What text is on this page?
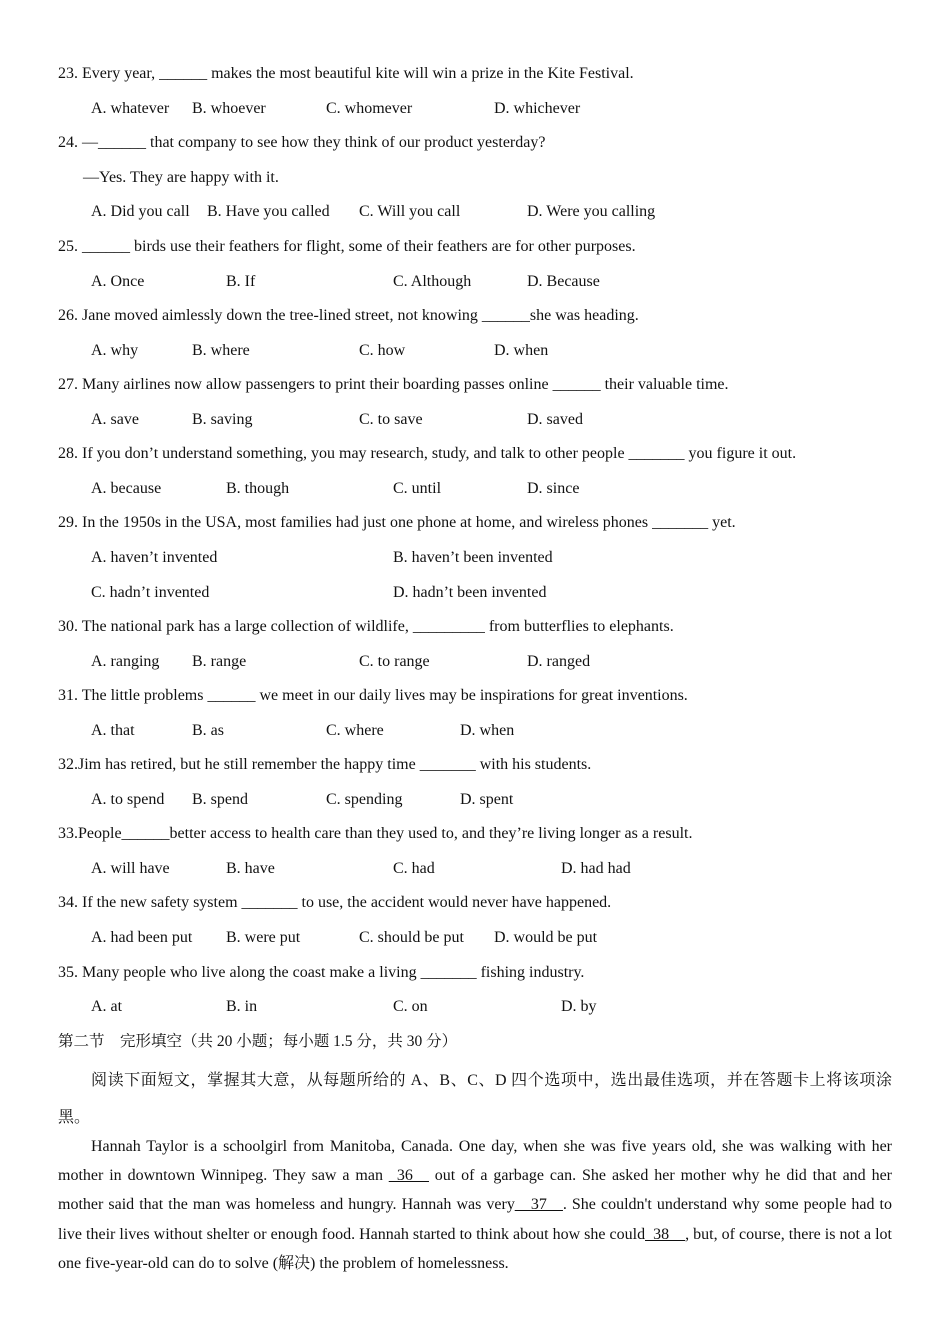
23. Every year, ______ makes the most beautiful kite will win a prize in the Kite Festival.
A. whatever B. whoever	C. whomever	D. whichever
24. —______ that company to see how they think of our product yesterday?
—Yes. They are happy with it.
A. Did you call B. Have you called C. Will you call	D. Were you calling
25. ______ birds use their feathers for flight, some of their feathers are for other purposes.
A. Once	B. If	C. Although	D. Because
26. Jane moved aimlessly down the tree-lined street, not knowing ______she was heading.
A. why	B. where	C. how	D. when
27. Many airlines now allow passengers to print their boarding passes online ______ their valuable time.
A. save	B. saving	C. to save	D. saved
28. If you don’t understand something, you may research, study, and talk to other people _______ you figure it out.
A. because	B. though	C. until	D. since
29. In the 1950s in the USA, most families had just one phone at home, and wireless phones _______ yet.
A. haven’t invented	B. haven’t been invented
C. hadn’t invented	D. hadn’t been invented
30. The national park has a large collection of wildlife, _________ from butterflies to elephants.
A. ranging B. range	C. to range	D. ranged
31. The little problems ______ we meet in our daily lives may be inspirations for great inventions.
A. that	B. as	C. where	D. when
32.Jim has retired, but he still remember the happy time _______ with his students.
A. to spend B. spend	C. spending	D. spent
33.People______better access to health care than they used to, and they’re living longer as a result.
A. will have	B. have	C. had	D. had had
34. If the new safety system _______ to use, the accident would never have happened.
A. had been put B. were put	C. should be put D. would be put
35. Many people who live along the coast make a living _______ fishing industry.
A. at	B. in	C. on	D. by
第二节　完形填空（共 20 小题；每小题 1.5 分，共 30 分）
阅读下面短文，掌握其大意，从每题所给的 A、B、C、D 四个选项中，选出最佳选项，并在答题卡上将该项涂黑。
Hannah Taylor is a schoolgirl from Manitoba, Canada. One day, when she was five years old, she was walking with her mother in downtown Winnipeg. They saw a man _36__ out of a garbage can. She asked her mother why he did that and her mother said that the man was homeless and hungry. Hannah was very__37__. She couldn't understand why some people had to live their lives without shelter or enough food. Hannah started to think about how she could_38__, but, of course, there is not a lot one five-year-old can do to solve (解决) the problem of homelessness.
